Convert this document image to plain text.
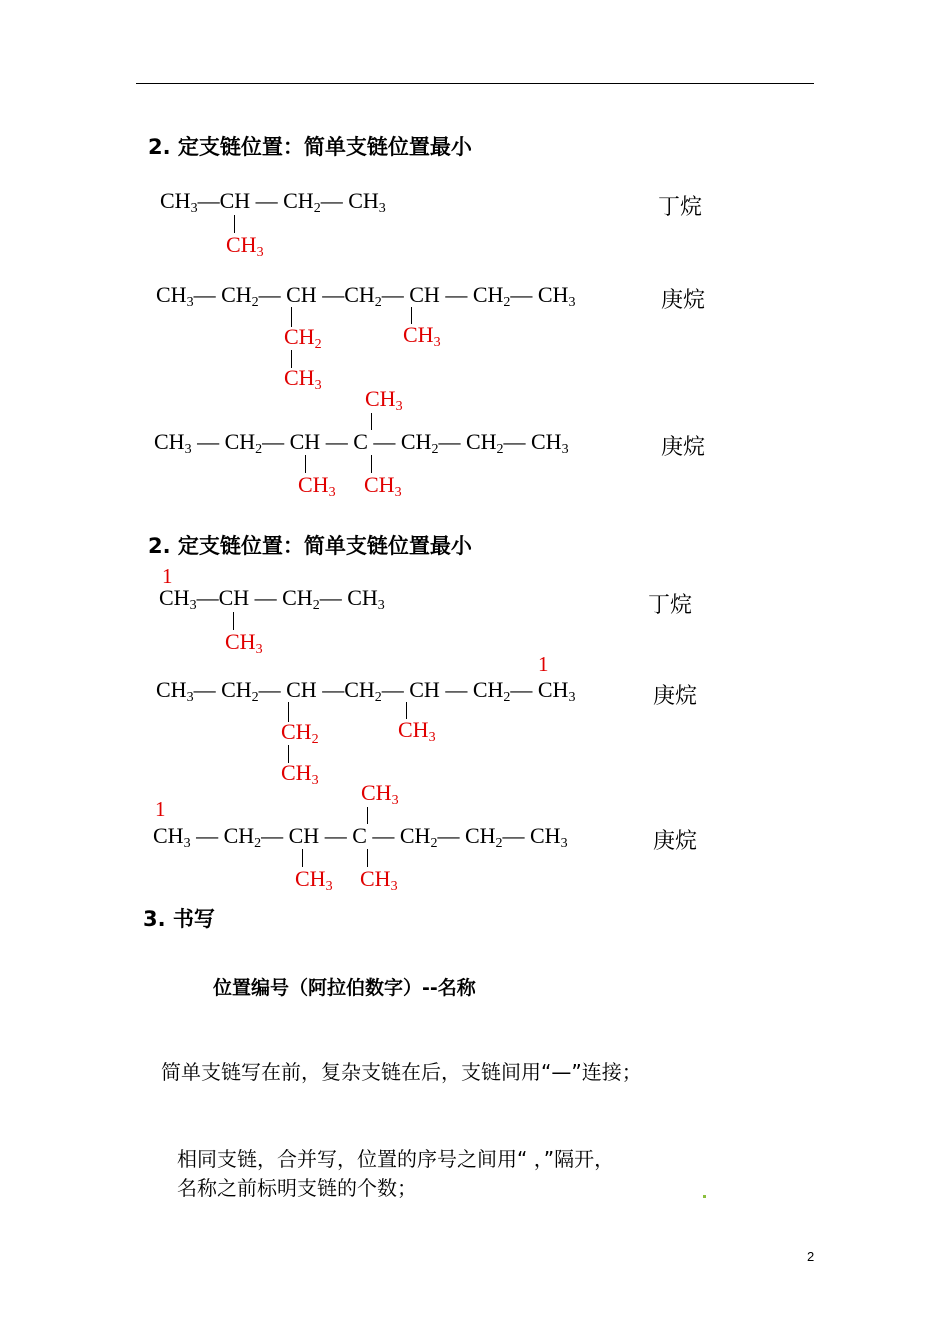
2. 定支链位置：简单支链位置最小
$CH_3—CH$ — $CH_2—$ $CH_3$
$CH_3$
丁烷
$CH_3—$ $CH_2—$ CH $—CH_2—$ CH — $CH_2—$ $CH_3$
$CH_2$
$CH_3$
$CH_3$
庚烷
$CH_3$
$CH_3$ — $CH_2—$ CH — C — $CH_2—$ $CH_2—$ $CH_3$
$CH_3$ $CH_3$
庚烷
2. 定支链位置：简单支链位置最小
1
$CH_3—CH$ — $CH_2—$ $CH_3$
$CH_3$
丁烷
1
$CH_3—$ $CH_2—$ CH $—CH_2—$ CH — $CH_2—$ $CH_3$
$CH_2$
$CH_3$
$CH_3$
庚烷
$CH_3$
1
$CH_3$ — $CH_2—$ CH — C — $CH_2—$ $CH_2—$ $CH_3$
$CH_3$ $CH_3$
庚烷
3. 书写
位置编号（阿拉伯数字）--名称
简单支链写在前，复杂支链在后，支链间用“—”连接；
相同支链，合并写，位置的序号之间用“ ，”隔开，
名称之前标明支链的个数；
2
